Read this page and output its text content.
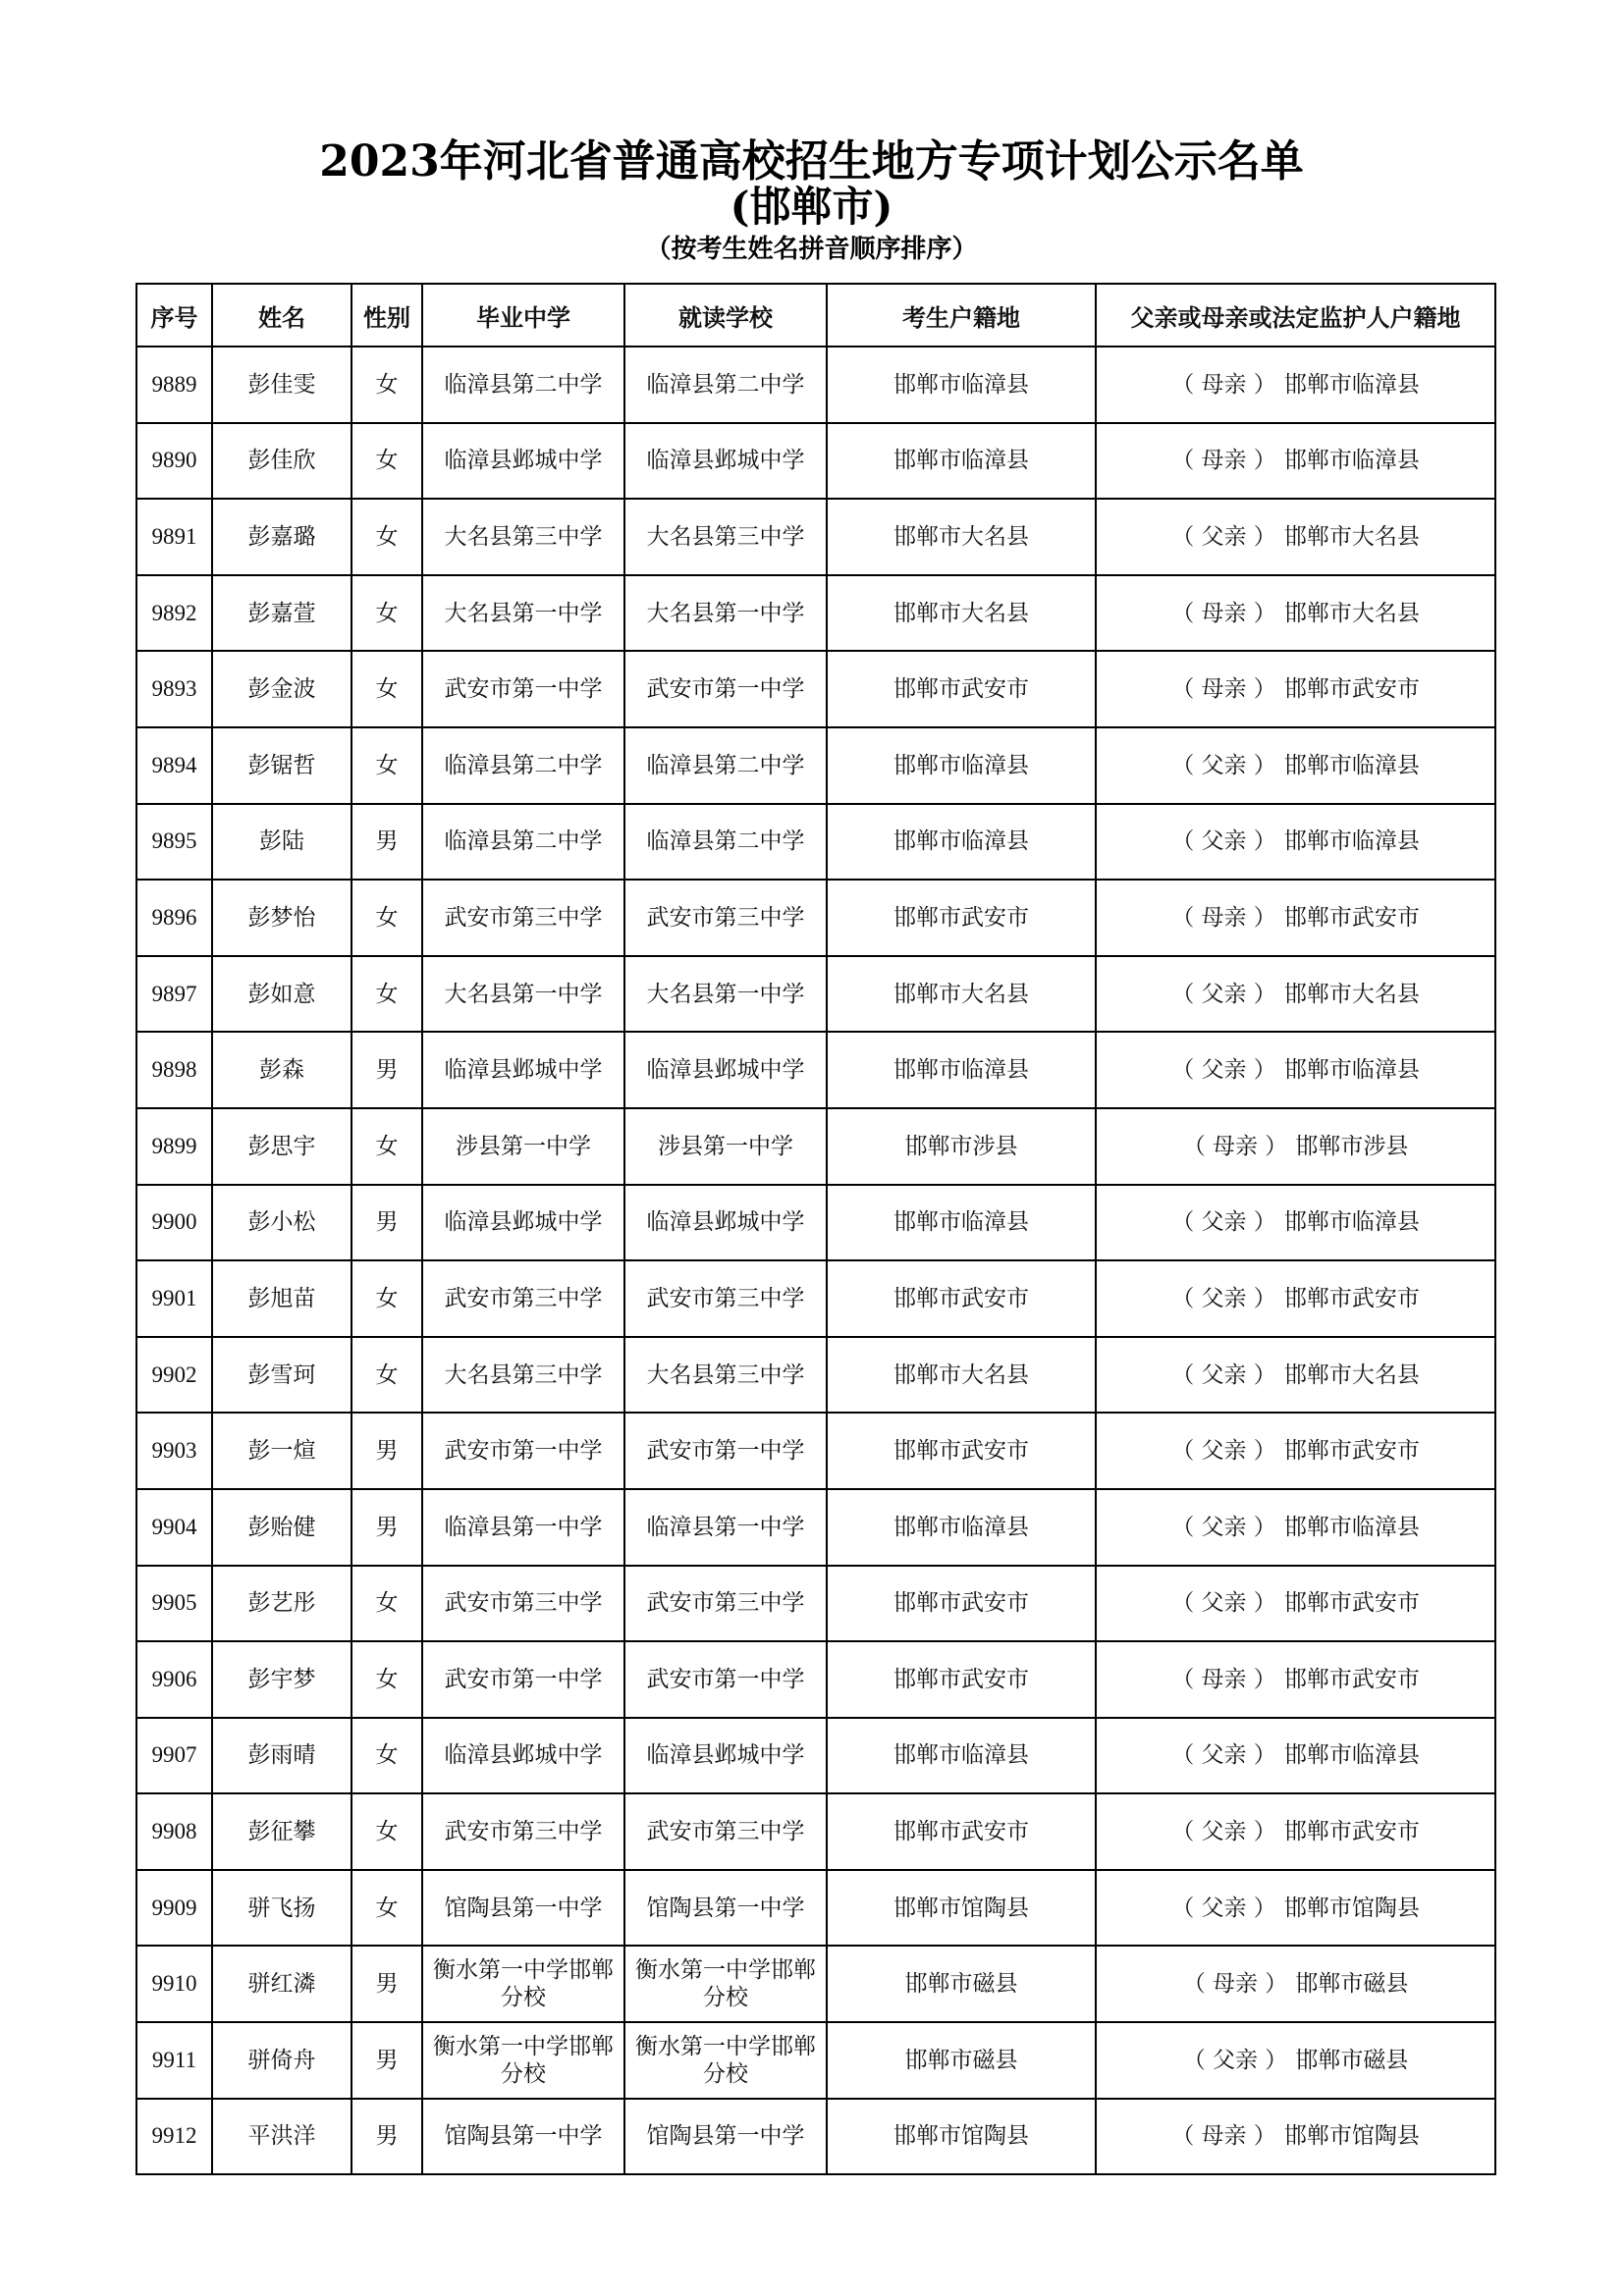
2023年河北省普通高校招生地方专项计划公示名单
(邯郸市)
（按考生姓名拼音顺序排序）
序号	姓名	性别	毕业中学	就读学校	考生户籍地	父亲或母亲或法定监护人户籍地
9889	彭佳雯	女	临漳县第二中学	临漳县第二中学	邯郸市临漳县	（ 母亲 ） 邯郸市临漳县
9890	彭佳欣	女	临漳县邺城中学	临漳县邺城中学	邯郸市临漳县	（ 母亲 ） 邯郸市临漳县
9891	彭嘉璐	女	大名县第三中学	大名县第三中学	邯郸市大名县	（ 父亲 ） 邯郸市大名县
9892	彭嘉萱	女	大名县第一中学	大名县第一中学	邯郸市大名县	（ 母亲 ） 邯郸市大名县
9893	彭金波	女	武安市第一中学	武安市第一中学	邯郸市武安市	（ 母亲 ） 邯郸市武安市
9894	彭锯哲	女	临漳县第二中学	临漳县第二中学	邯郸市临漳县	（ 父亲 ） 邯郸市临漳县
9895	彭陆	男	临漳县第二中学	临漳县第二中学	邯郸市临漳县	（ 父亲 ） 邯郸市临漳县
9896	彭梦怡	女	武安市第三中学	武安市第三中学	邯郸市武安市	（ 母亲 ） 邯郸市武安市
9897	彭如意	女	大名县第一中学	大名县第一中学	邯郸市大名县	（ 父亲 ） 邯郸市大名县
9898	彭森	男	临漳县邺城中学	临漳县邺城中学	邯郸市临漳县	（ 父亲 ） 邯郸市临漳县
9899	彭思宇	女	涉县第一中学	涉县第一中学	邯郸市涉县	（ 母亲 ） 邯郸市涉县
9900	彭小松	男	临漳县邺城中学	临漳县邺城中学	邯郸市临漳县	（ 父亲 ） 邯郸市临漳县
9901	彭旭苗	女	武安市第三中学	武安市第三中学	邯郸市武安市	（ 父亲 ） 邯郸市武安市
9902	彭雪珂	女	大名县第三中学	大名县第三中学	邯郸市大名县	（ 父亲 ） 邯郸市大名县
9903	彭一煊	男	武安市第一中学	武安市第一中学	邯郸市武安市	（ 父亲 ） 邯郸市武安市
9904	彭贻健	男	临漳县第一中学	临漳县第一中学	邯郸市临漳县	（ 父亲 ） 邯郸市临漳县
9905	彭艺彤	女	武安市第三中学	武安市第三中学	邯郸市武安市	（ 父亲 ） 邯郸市武安市
9906	彭宇梦	女	武安市第一中学	武安市第一中学	邯郸市武安市	（ 母亲 ） 邯郸市武安市
9907	彭雨晴	女	临漳县邺城中学	临漳县邺城中学	邯郸市临漳县	（ 父亲 ） 邯郸市临漳县
9908	彭征攀	女	武安市第三中学	武安市第三中学	邯郸市武安市	（ 父亲 ） 邯郸市武安市
9909	骈飞扬	女	馆陶县第一中学	馆陶县第一中学	邯郸市馆陶县	（ 父亲 ） 邯郸市馆陶县
9910	骈红潾	男	衡水第一中学邯郸分校	衡水第一中学邯郸分校	邯郸市磁县	（ 母亲 ） 邯郸市磁县
9911	骈倚舟	男	衡水第一中学邯郸分校	衡水第一中学邯郸分校	邯郸市磁县	（ 父亲 ） 邯郸市磁县
9912	平洪洋	男	馆陶县第一中学	馆陶县第一中学	邯郸市馆陶县	（ 母亲 ） 邯郸市馆陶县
